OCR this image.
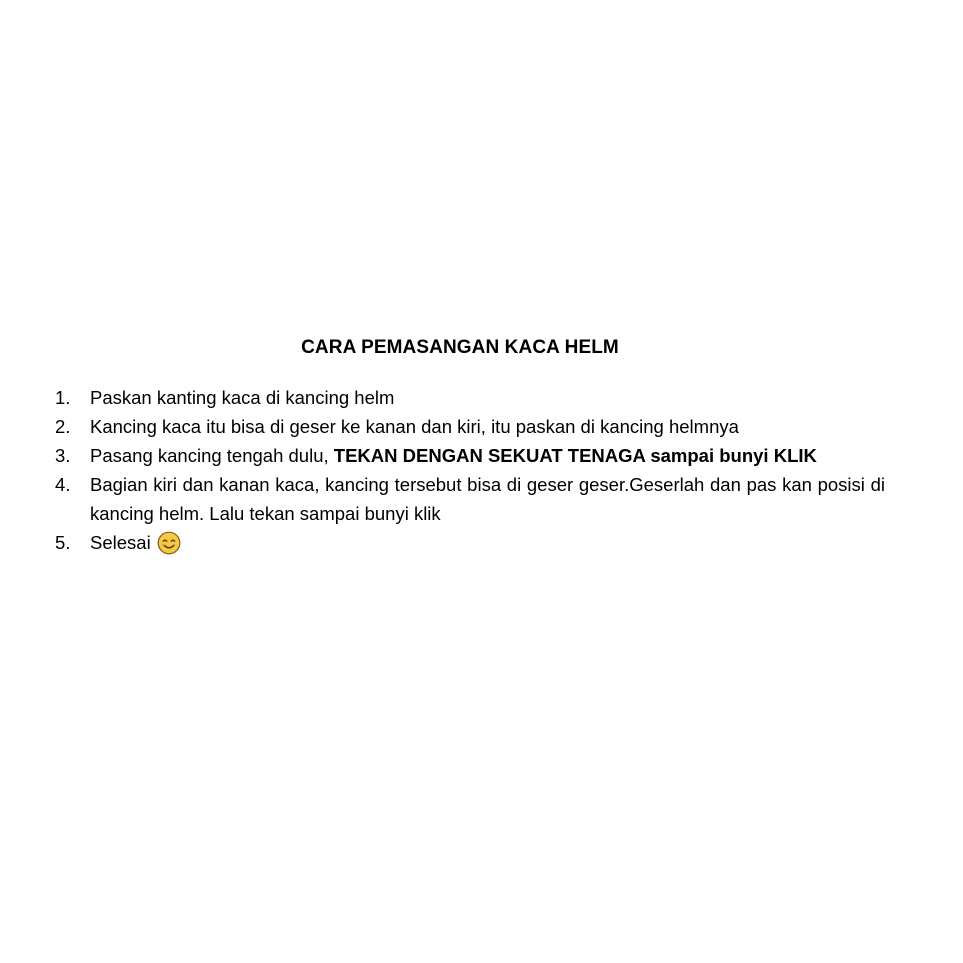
CARA PEMASANGAN KACA HELM
1. Paskan kanting kaca di kancing helm
2. Kancing kaca itu bisa di geser ke kanan dan kiri, itu paskan di kancing helmnya
3. Pasang kancing tengah dulu, TEKAN DENGAN SEKUAT TENAGA sampai bunyi KLIK
4. Bagian kiri dan kanan kaca, kancing tersebut bisa di geser geser.Geserlah dan pas kan posisi di kancing helm. Lalu tekan sampai bunyi klik
5. Selesai
